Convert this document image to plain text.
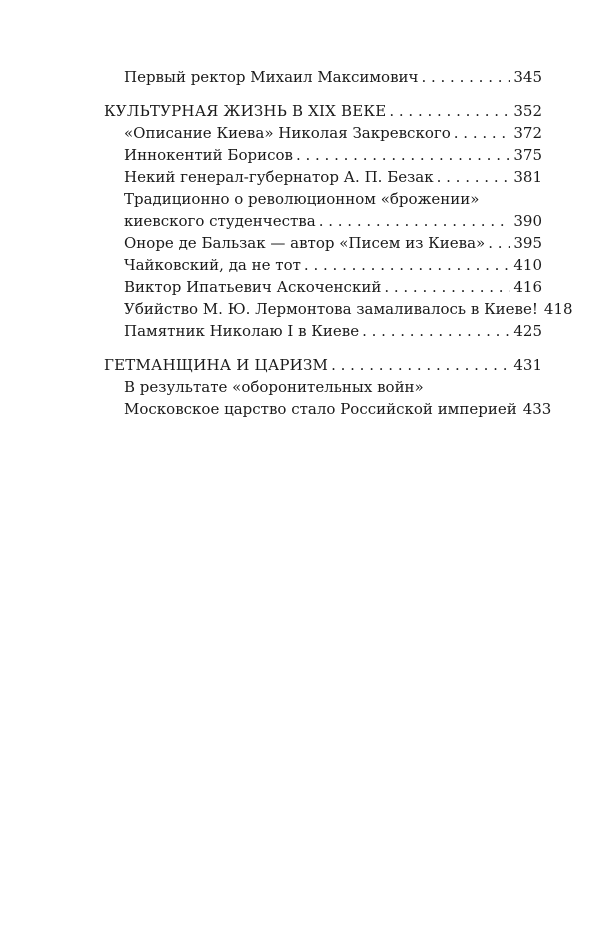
Первый ректор Михаил Максимович . . .	345
КУЛЬТУРНАЯ ЖИЗНЬ В XIX ВЕКЕ . . .	352
«Описание Киева» Николая Закревского . . .	372
Иннокентий Борисов . . .	375
Некий генерал-губернатор А. П. Безак . . .	381
Традиционно о революционном «брожении»
киевского студенчества . . .	390
Оноре де Бальзак — автор «Писем из Киева» . . . 395
Чайковский, да не тот . . .	410
Виктор Ипатьевич Аскоченский . . .	416
Убийство М. Ю. Лермонтова замаливалось в Киеве! 418
Памятник Николаю I в Киеве . . .	425
ГЕТМАНЩИНА И ЦАРИЗМ . . .	431
В результате «оборонительных войн»
Московское царство стало Российской империей 433
